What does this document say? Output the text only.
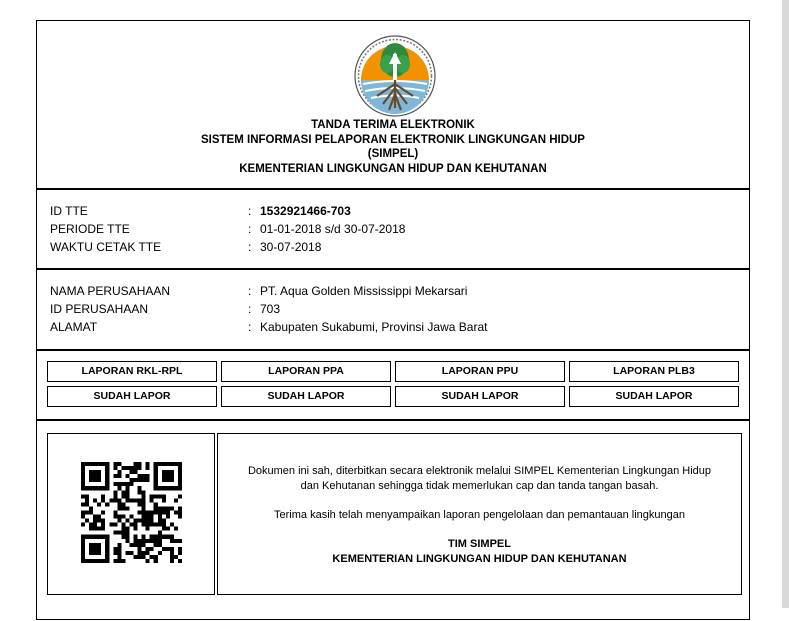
TANDA TERIMA ELEKTRONIK
SISTEM INFORMASI PELAPORAN ELEKTRONIK LINGKUNGAN HIDUP
(SIMPEL)
KEMENTERIAN LINGKUNGAN HIDUP DAN KEHUTANAN
ID TTE	: 1532921466-703
PERIODE TTE	: 01-01-2018 s/d 30-07-2018
WAKTU CETAK TTE	: 30-07-2018
NAMA PERUSAHAAN	: PT. Aqua Golden Mississippi Mekarsari
ID PERUSAHAAN	: 703
ALAMAT	: Kabupaten Sukabumi, Provinsi Jawa Barat
LAPORAN RKL-RPL	LAPORAN PPA	LAPORAN PPU	LAPORAN PLB3
SUDAH LAPOR	SUDAH LAPOR	SUDAH LAPOR	SUDAH LAPOR
Dokumen ini sah, diterbitkan secara elektronik melalui SIMPEL Kementerian Lingkungan Hidup
dan Kehutanan sehingga tidak memerlukan cap dan tanda tangan basah.
Terima kasih telah menyampaikan laporan pengelolaan dan pemantauan lingkungan
TIM SIMPEL
KEMENTERIAN LINGKUNGAN HIDUP DAN KEHUTANAN
